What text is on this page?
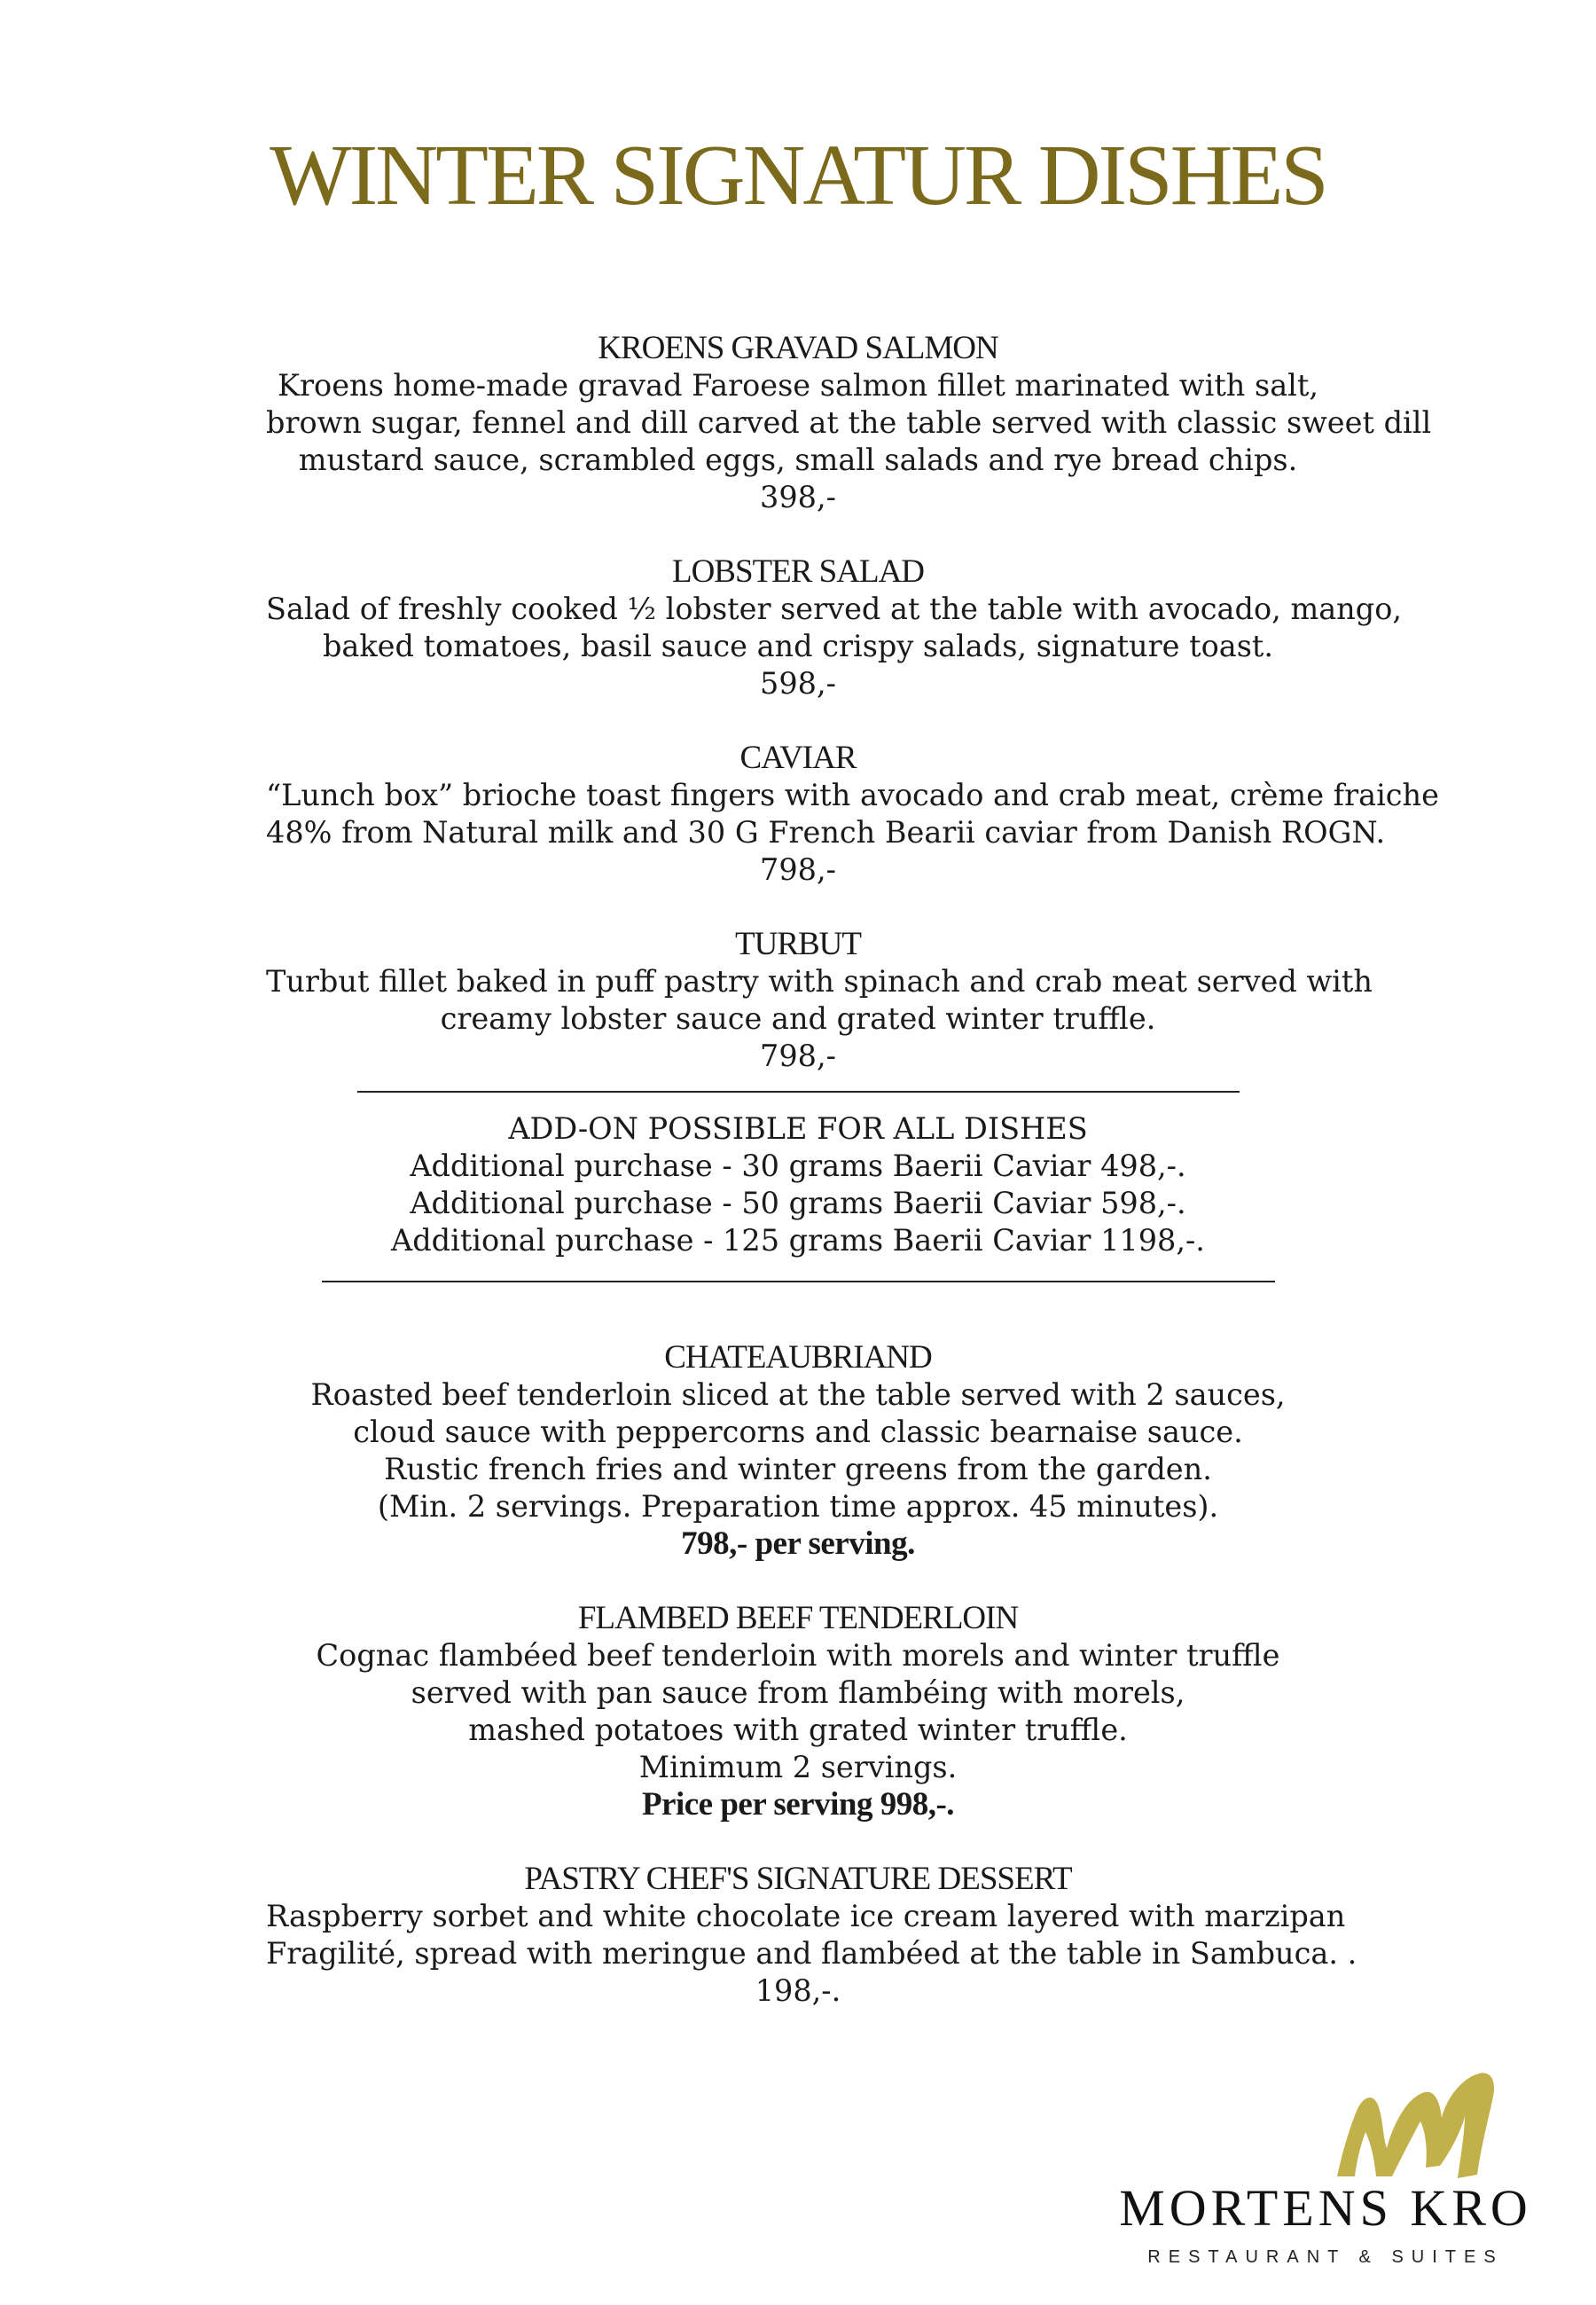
WINTER SIGNATUR DISHES
KROENS GRAVAD SALMON
Kroens home-made gravad Faroese salmon fillet marinated with salt,
brown sugar, fennel and dill carved at the table served with classic sweet dill
mustard sauce, scrambled eggs, small salads and rye bread chips.
398,-
LOBSTER SALAD
Salad of freshly cooked ½ lobster served at the table with avocado, mango,
baked tomatoes, basil sauce and crispy salads, signature toast.
598,-
CAVIAR
“Lunch box” brioche toast fingers with avocado and crab meat, crème fraiche
48% from Natural milk and 30 G French Bearii caviar from Danish ROGN.
798,-
TURBUT
Turbut fillet baked in puff pastry with spinach and crab meat served with
creamy lobster sauce and grated winter truffle.
798,-
ADD-ON POSSIBLE FOR ALL DISHES
Additional purchase - 30 grams Baerii Caviar 498,-.
Additional purchase - 50 grams Baerii Caviar 598,-.
Additional purchase - 125 grams Baerii Caviar 1198,-.
CHATEAUBRIAND
Roasted beef tenderloin sliced at the table served with 2 sauces,
cloud sauce with peppercorns and classic bearnaise sauce.
Rustic french fries and winter greens from the garden.
(Min. 2 servings. Preparation time approx. 45 minutes).
798,- per serving.
FLAMBED BEEF TENDERLOIN
Cognac flambéed beef tenderloin with morels and winter truffle
served with pan sauce from flambéing with morels,
mashed potatoes with grated winter truffle.
Minimum 2 servings.
Price per serving 998,-.
PASTRY CHEF'S SIGNATURE DESSERT
Raspberry sorbet and white chocolate ice cream layered with marzipan
Fragilité, spread with meringue and flambéed at the table in Sambuca. .
198,-.
MORTENS KRO
RESTAURANT & SUITES
